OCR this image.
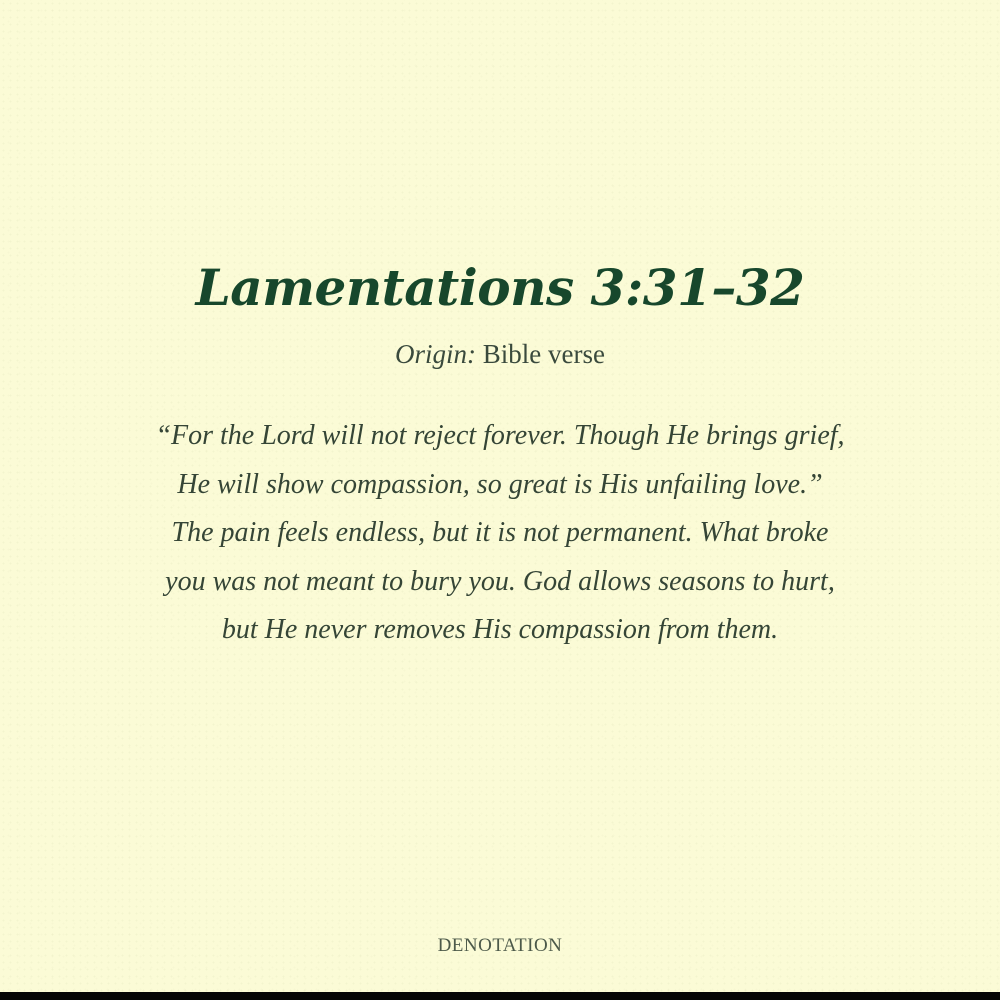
Lamentations 3:31–32
Origin: Bible verse

“For the Lord will not reject forever. Though He brings grief, He will show compassion, so great is His unfailing love.”

The pain feels endless, but it is not permanent. What broke you was not meant to bury you. God allows seasons to hurt, but He never removes His compassion from them.

DENOTATION
